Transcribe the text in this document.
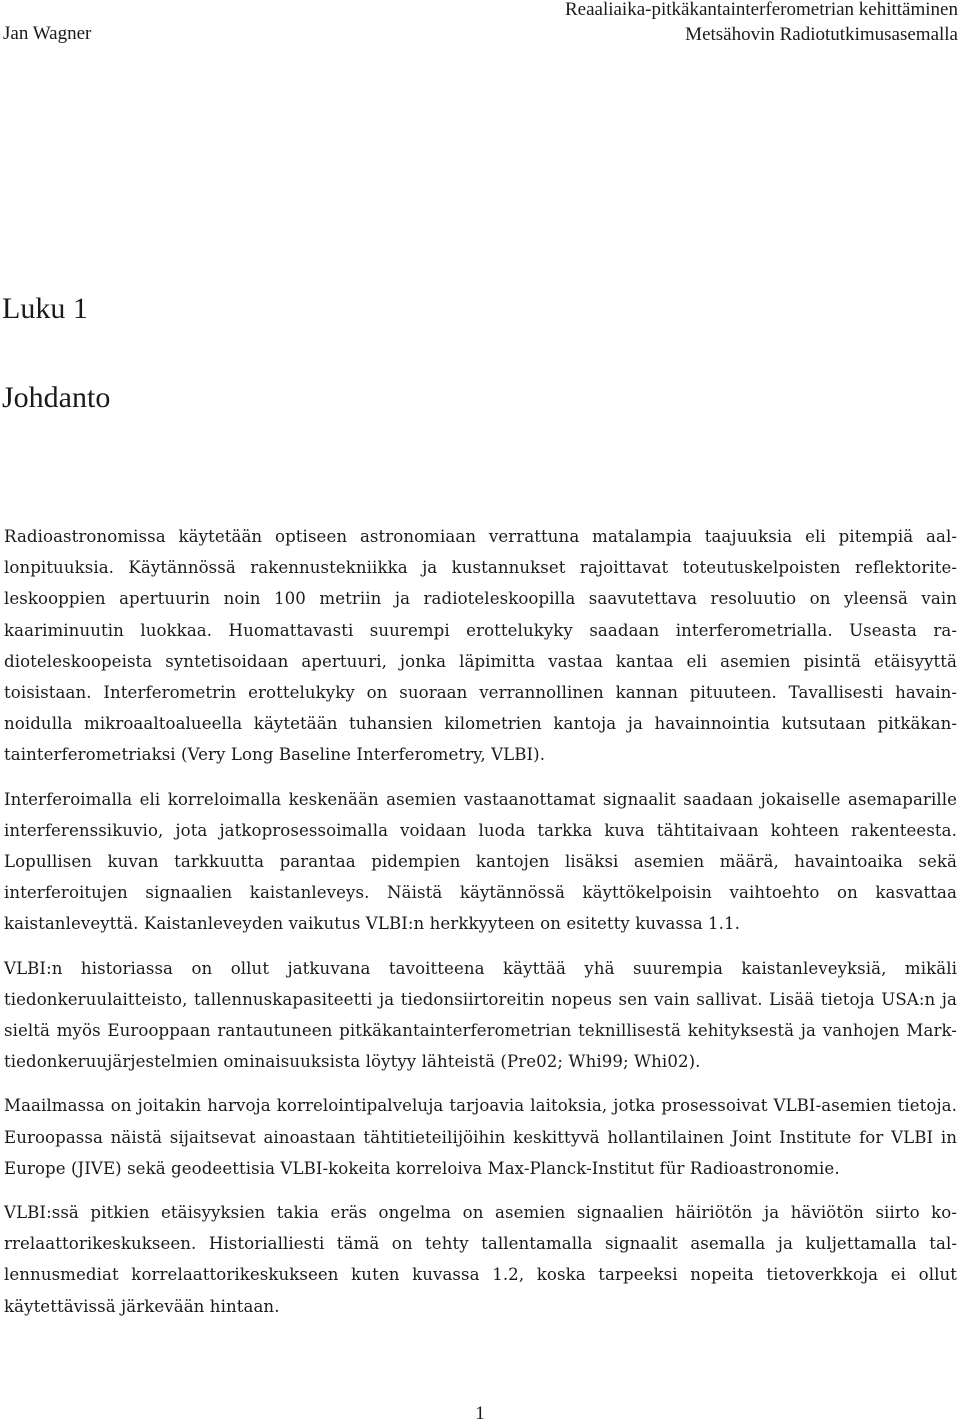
Jan Wagner
Reaaliaika-pitkäkantainterferometrian kehittäminen
Metsähovin Radiotutkimusasemalla
Luku 1
Johdanto

Radioastronomissa käytetään optiseen astronomiaan verrattuna matalampia taajuuksia eli pitempiä aallonpituuksia. Käytännössä rakennustekniikka ja kustannukset rajoittavat toteutuskelpoisten reflektoriteleskooppien apertuurin noin 100 metriin ja radioteleskoopilla saavutettava resoluutio on yleensä vain kaariminuutin luokkaa. Huomattavasti suurempi erottelukyky saadaan interferometrialla. Useasta radioteleskoopeista syntetisoidaan apertuuri, jonka läpimitta vastaa kantaa eli asemien pisintä etäisyyttä toisistaan. Interferometrin erottelukyky on suoraan verrannollinen kannan pituuteen. Tavallisesti havainnoidulla mikroaaltoalueella käytetään tuhansien kilometrien kantoja ja havainnointia kutsutaan pitkäkantainterferometriaksi (Very Long Baseline Interferometry, VLBI).

Interferoimalla eli korreloimalla keskenään asemien vastaanottamat signaalit saadaan jokaiselle asemaparille interferenssikuvio, jota jatkoprosessoimalla voidaan luoda tarkka kuva tähtitaivaan kohteen rakenteesta. Lopullisen kuvan tarkkuutta parantaa pidempien kantojen lisäksi asemien määrä, havaintoaika sekä interferoitujen signaalien kaistanleveys. Näistä käytännössä käyttökelpoisin vaihtoehto on kasvattaa kaistanleveyttä. Kaistanleveyden vaikutus VLBI:n herkkyyteen on esitetty kuvassa 1.1.

VLBI:n historiassa on ollut jatkuvana tavoitteena käyttää yhä suurempia kaistanleveyksiä, mikäli tiedonkeruulaitteisto, tallennuskapasiteetti ja tiedonsiirtoreitin nopeus sen vain sallivat. Lisää tietoja USA:n ja sieltä myös Eurooppaan rantautuneen pitkäkantainterferometrian teknillisestä kehityksestä ja vanhojen Mark-tiedonkeruujärjestelmien ominaisuuksista löytyy lähteistä (Pre02; Whi99; Whi02).

Maailmassa on joitakin harvoja korrelointipalveluja tarjoavia laitoksia, jotka prosessoivat VLBI-asemien tietoja. Euroopassa näistä sijaitsevat ainoastaan tähtitieteilijöihin keskittyvä hollantilainen Joint Institute for VLBI in Europe (JIVE) sekä geodeettisia VLBI-kokeita korreloiva Max-Planck-Institut für Radioastronomie.

VLBI:ssä pitkien etäisyyksien takia eräs ongelma on asemien signaalien häiriötön ja häviötön siirto korrelaattorikeskukseen. Historialliesti tämä on tehty tallentamalla signaalit asemalla ja kuljettamalla tallennusmediat korrelaattorikeskukseen kuten kuvassa 1.2, koska tarpeeksi nopeita tietoverkkoja ei ollut käytettävissä järkevään hintaan.

1
